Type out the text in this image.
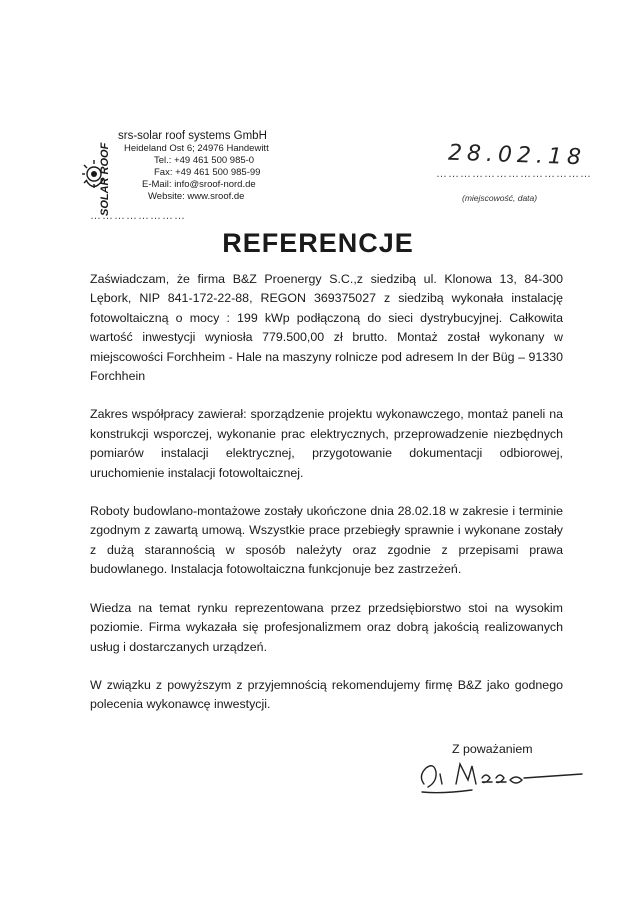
SOLAR ROOF
srs-solar roof systems GmbH
Heideland Ost 6; 24976 Handewitt
Tel.: +49 461 500 985-0
Fax: +49 461 500 985-99
E-Mail: info@sroof-nord.de
Website: www.sroof.de
……………………
28.02.18
…………………………………
(miejscowość, data)
REFERENCJE

Zaświadczam, że firma B&Z Proenergy S.C.,z siedzibą ul. Klonowa 13, 84-300 Lębork, NIP 841-172-22-88, REGON 369375027 z siedzibą wykonała instalację fotowoltaiczną o mocy : 199 kWp podłączoną do sieci dystrybucyjnej. Całkowita wartość inwestycji wyniosła 779.500,00 zł brutto. Montaż został wykonany w miejscowości Forchheim - Hale na maszyny rolnicze pod adresem In der Büg – 91330 Forchhein

Zakres współpracy zawierał: sporządzenie projektu wykonawczego, montaż paneli na konstrukcji wsporczej, wykonanie prac elektrycznych, przeprowadzenie niezbędnych pomiarów instalacji elektrycznej, przygotowanie dokumentacji odbiorowej, uruchomienie instalacji fotowoltaicznej.

Roboty budowlano-montażowe zostały ukończone dnia 28.02.18 w zakresie i terminie zgodnym z zawartą umową. Wszystkie prace przebiegły sprawnie i wykonane zostały z dużą starannością w sposób należyty oraz zgodnie z przepisami prawa budowlanego. Instalacja fotowoltaiczna funkcjonuje bez zastrzeżeń.

Wiedza na temat rynku reprezentowana przez przedsiębiorstwo stoi na wysokim poziomie. Firma wykazała się profesjonalizmem oraz dobrą jakością realizowanych usług i dostarczanych urządzeń.

W związku z powyższym z przyjemnością rekomendujemy firmę B&Z jako godnego polecenia wykonawcę inwestycji.

Z poważaniem
